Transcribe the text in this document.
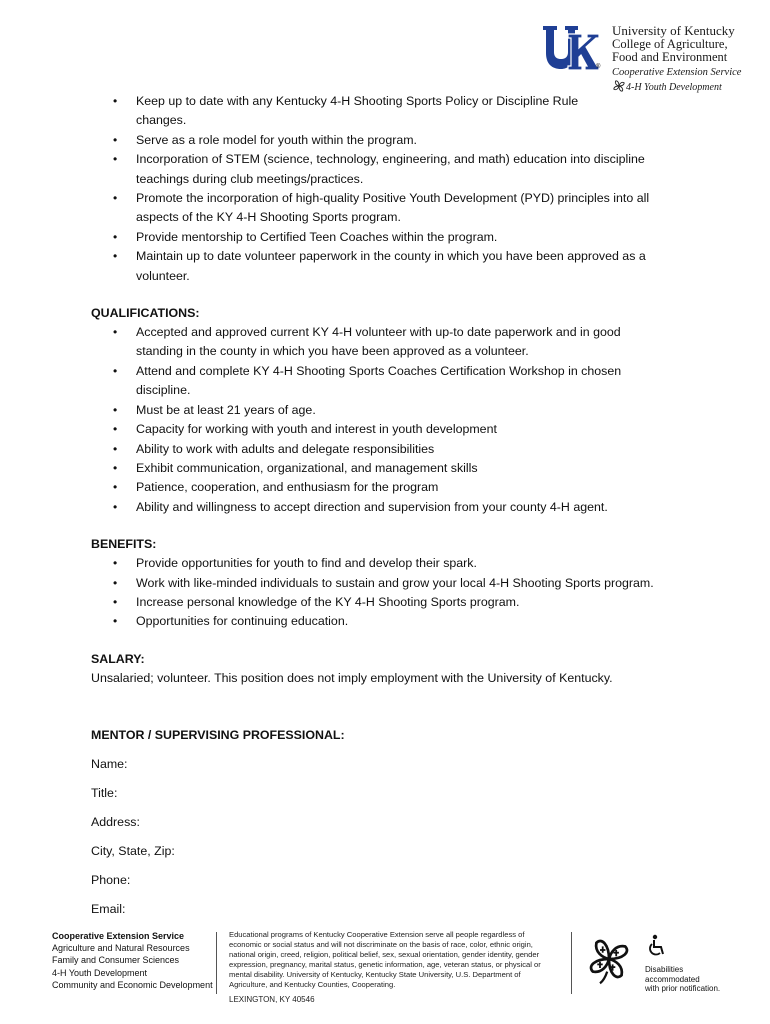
®
University of Kentucky
College of Agriculture,
Food and Environment
Cooperative Extension Service
4-H Youth Development
• Keep up to date with any Kentucky 4-H Shooting Sports Policy or Discipline Rule
changes.
• Serve as a role model for youth within the program.
• Incorporation of STEM (science, technology, engineering, and math) education into discipline
teachings during club meetings/practices.
• Promote the incorporation of high-quality Positive Youth Development (PYD) principles into all
aspects of the KY 4-H Shooting Sports program.
• Provide mentorship to Certified Teen Coaches within the program.
• Maintain up to date volunteer paperwork in the county in which you have been approved as a
volunteer.

QUALIFICATIONS:

• Accepted and approved current KY 4-H volunteer with up-to date paperwork and in good
standing in the county in which you have been approved as a volunteer.
• Attend and complete KY 4-H Shooting Sports Coaches Certification Workshop in chosen
discipline.
• Must be at least 21 years of age.
• Capacity for working with youth and interest in youth development
• Ability to work with adults and delegate responsibilities
• Exhibit communication, organizational, and management skills
• Patience, cooperation, and enthusiasm for the program
• Ability and willingness to accept direction and supervision from your county 4-H agent.

BENEFITS:

• Provide opportunities for youth to find and develop their spark.
• Work with like-minded individuals to sustain and grow your local 4-H Shooting Sports program.
• Increase personal knowledge of the KY 4-H Shooting Sports program.
• Opportunities for continuing education.

SALARY:

Unsalaried; volunteer. This position does not imply employment with the University of Kentucky.

MENTOR / SUPERVISING PROFESSIONAL:

Name:

Title:

Address:

City, State, Zip:

Phone:

Email:

Cooperative Extension Service
Agriculture and Natural Resources
Family and Consumer Sciences
4-H Youth Development
Community and Economic Development
Educational programs of Kentucky Cooperative Extension serve all people regardless of economic or social status and will not discriminate on the basis of race, color, ethnic origin, national origin, creed, religion, political belief, sex, sexual orientation, gender identity, gender expression, pregnancy, marital status, genetic information, age, veteran status, or physical or mental disability. University of Kentucky, Kentucky State University, U.S. Department of Agriculture, and Kentucky Counties, Cooperating.
LEXINGTON, KY 40546
Disabilities
accommodated
with prior notification.
